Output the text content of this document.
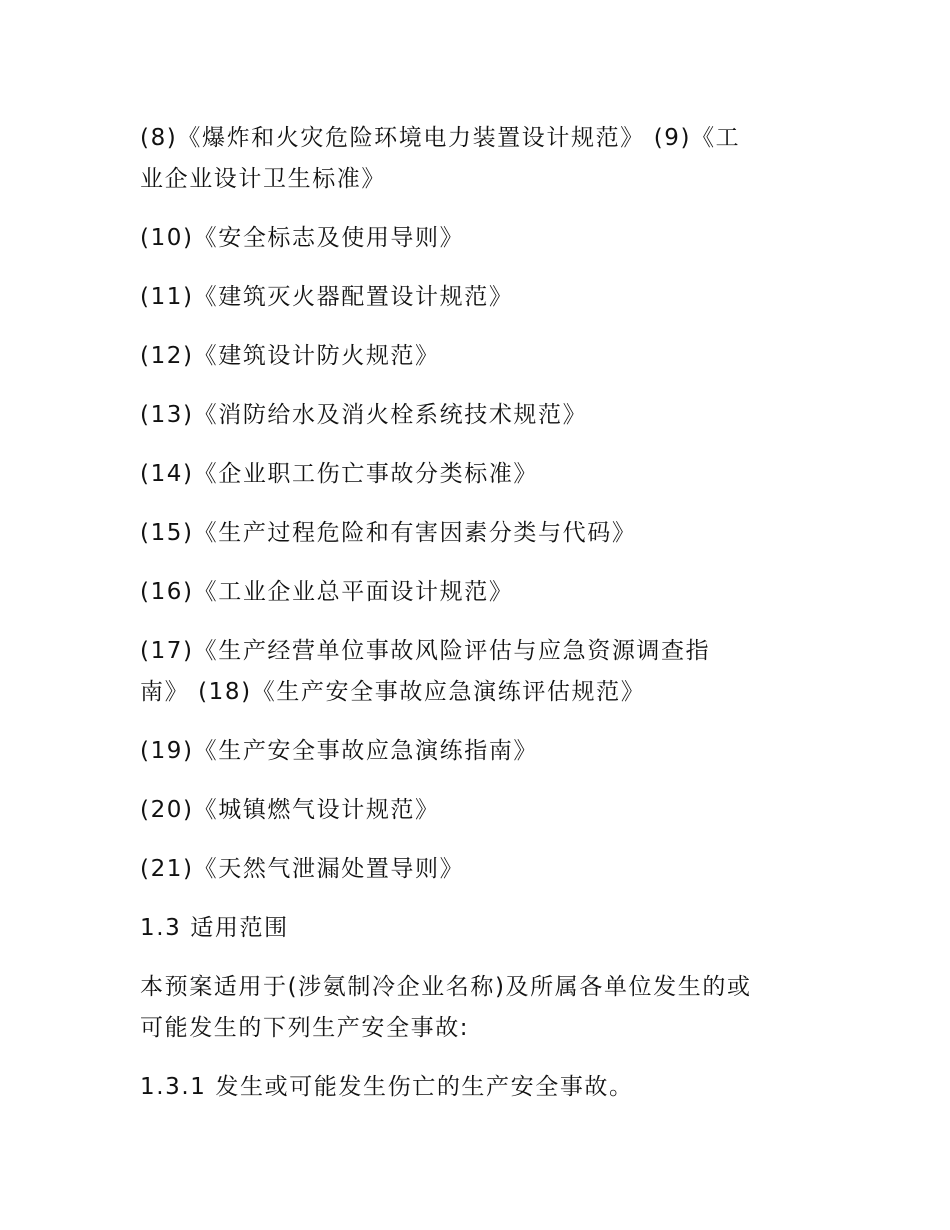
(8)《爆炸和火灾危险环境电力装置设计规范》 (9)《工

业企业设计卫生标准》

(10)《安全标志及使用导则》

(11)《建筑灭火器配置设计规范》

(12)《建筑设计防火规范》

(13)《消防给水及消火栓系统技术规范》

(14)《企业职工伤亡事故分类标准》

(15)《生产过程危险和有害因素分类与代码》

(16)《工业企业总平面设计规范》

(17)《生产经营单位事故风险评估与应急资源调查指

南》 (18)《生产安全事故应急演练评估规范》

(19)《生产安全事故应急演练指南》

(20)《城镇燃气设计规范》

(21)《天然气泄漏处置导则》

1.3 适用范围

本预案适用于(涉氨制冷企业名称)及所属各单位发生的或

可能发生的下列生产安全事故:

1.3.1 发生或可能发生伤亡的生产安全事故。
